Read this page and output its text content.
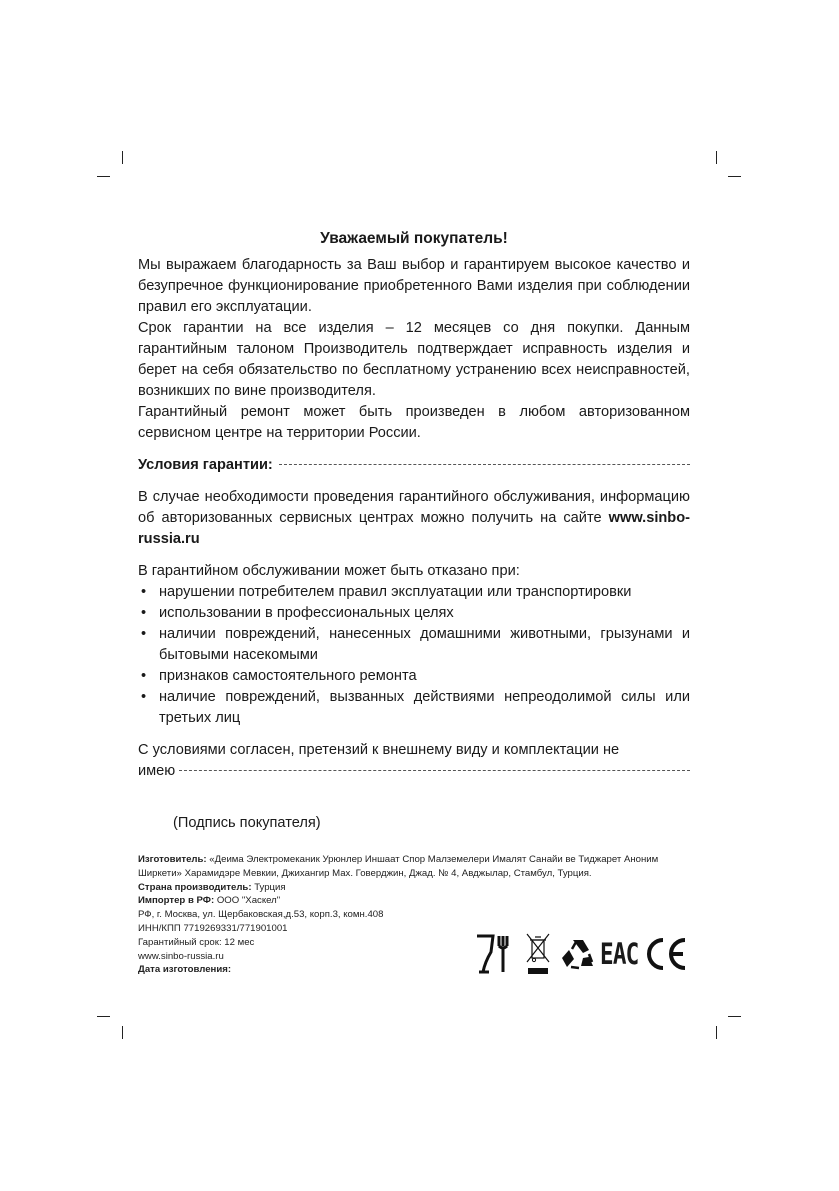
Уважаемый покупатель!

Мы выражаем благодарность за Ваш выбор и гарантируем высокое качество и безупречное функционирование приобретенного Вами изделия при соблюдении правил его эксплуатации.

Срок гарантии на все изделия – 12 месяцев со дня покупки. Данным гарантийным талоном Производитель подтверждает исправность изделия и берет на себя обязательство по бесплатному устранению всех неисправностей, возникших по вине производителя.

Гарантийный ремонт может быть произведен в любом авторизованном сервисном центре на территории России.

Условия гарантии:

В случае необходимости проведения гарантийного обслуживания, информацию об авторизованных сервисных центрах можно получить на сайте www.sinbo-russia.ru

В гарантийном обслуживании может быть отказано при:

• нарушении потребителем правил эксплуатации или транспортировки
• использовании в профессиональных целях
• наличии повреждений, нанесенных домашними животными, грызунами и бытовыми насекомыми
• признаков самостоятельного ремонта
• наличие повреждений, вызванных действиями непреодолимой силы или третьих лиц

С условиями согласен, претензий к внешнему виду и комплектации не

имею
(Подпись покупателя)

Изготовитель: «Деима Электромеканик Урюнлер Иншаат Спор Малземелери Ималят Санайи ве Тиджарет Аноним Ширкети» Харамидэре Мевкии, Джихангир Мах. Говерджин, Джад. № 4, Авджылар, Стамбул, Турция.

Страна производитель: Турция

Импортер в РФ: ООО "Хаскел"

РФ, г. Москва, ул. Щербаковская,д.53, корп.3, комн.408

ИНН/КПП 7719269331/771901001

Гарантийный срок: 12 мес

www.sinbo-russia.ru

Дата изготовления:	EAC
